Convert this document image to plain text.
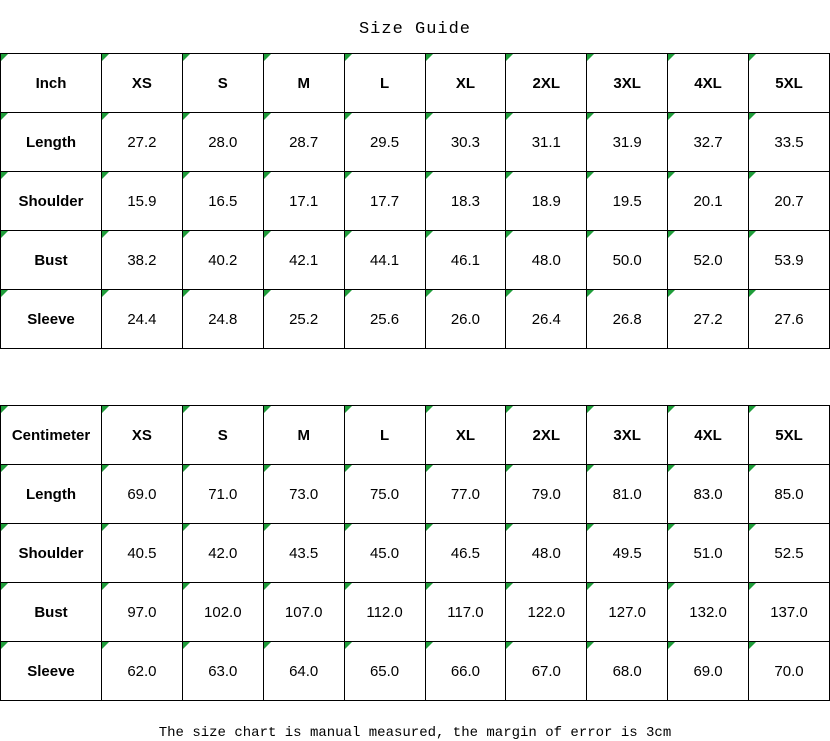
Size Guide
Inch	XS	S	M	L	XL	2XL	3XL	4XL	5XL
Length	27.2	28.0	28.7	29.5	30.3	31.1	31.9	32.7	33.5
Shoulder	15.9	16.5	17.1	17.7	18.3	18.9	19.5	20.1	20.7
Bust	38.2	40.2	42.1	44.1	46.1	48.0	50.0	52.0	53.9
Sleeve	24.4	24.8	25.2	25.6	26.0	26.4	26.8	27.2	27.6
Centimeter	XS	S	M	L	XL	2XL	3XL	4XL	5XL
Length	69.0	71.0	73.0	75.0	77.0	79.0	81.0	83.0	85.0
Shoulder	40.5	42.0	43.5	45.0	46.5	48.0	49.5	51.0	52.5
Bust	97.0	102.0	107.0	112.0	117.0	122.0	127.0	132.0	137.0
Sleeve	62.0	63.0	64.0	65.0	66.0	67.0	68.0	69.0	70.0
The size chart is manual measured, the margin of error is 3cm
